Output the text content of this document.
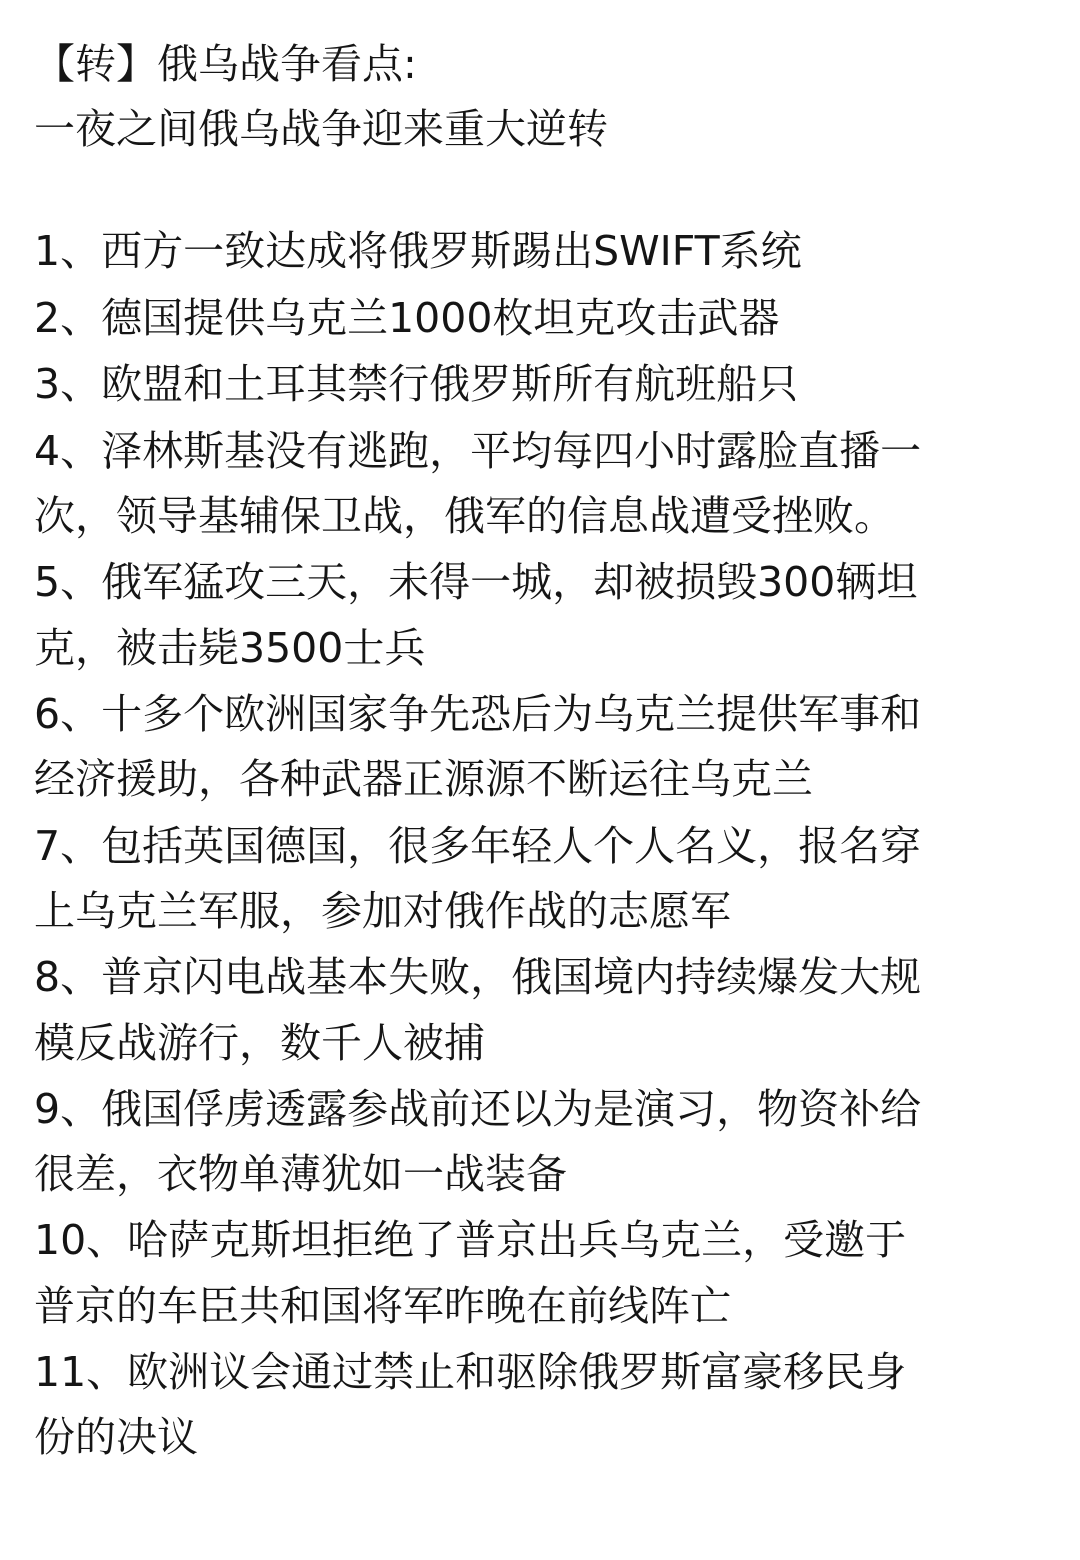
【转】俄乌战争看点:
一夜之间俄乌战争迎来重大逆转
1、西方一致达成将俄罗斯踢出SWIFT系统
2、德国提供乌克兰1000枚坦克攻击武器
3、欧盟和土耳其禁行俄罗斯所有航班船只
4、泽林斯基没有逃跑，平均每四小时露脸直播一
次，领导基辅保卫战，俄军的信息战遭受挫败。
5、俄军猛攻三天，未得一城，却被损毁300辆坦
克，被击毙3500士兵
6、十多个欧洲国家争先恐后为乌克兰提供军事和
经济援助，各种武器正源源不断运往乌克兰
7、包括英国德国，很多年轻人个人名义，报名穿
上乌克兰军服，参加对俄作战的志愿军
8、普京闪电战基本失败，俄国境内持续爆发大规
模反战游行，数千人被捕
9、俄国俘虏透露参战前还以为是演习，物资补给
很差，衣物单薄犹如一战装备
10、哈萨克斯坦拒绝了普京出兵乌克兰，受邀于
普京的车臣共和国将军昨晚在前线阵亡
11、欧洲议会通过禁止和驱除俄罗斯富豪移民身
份的决议
